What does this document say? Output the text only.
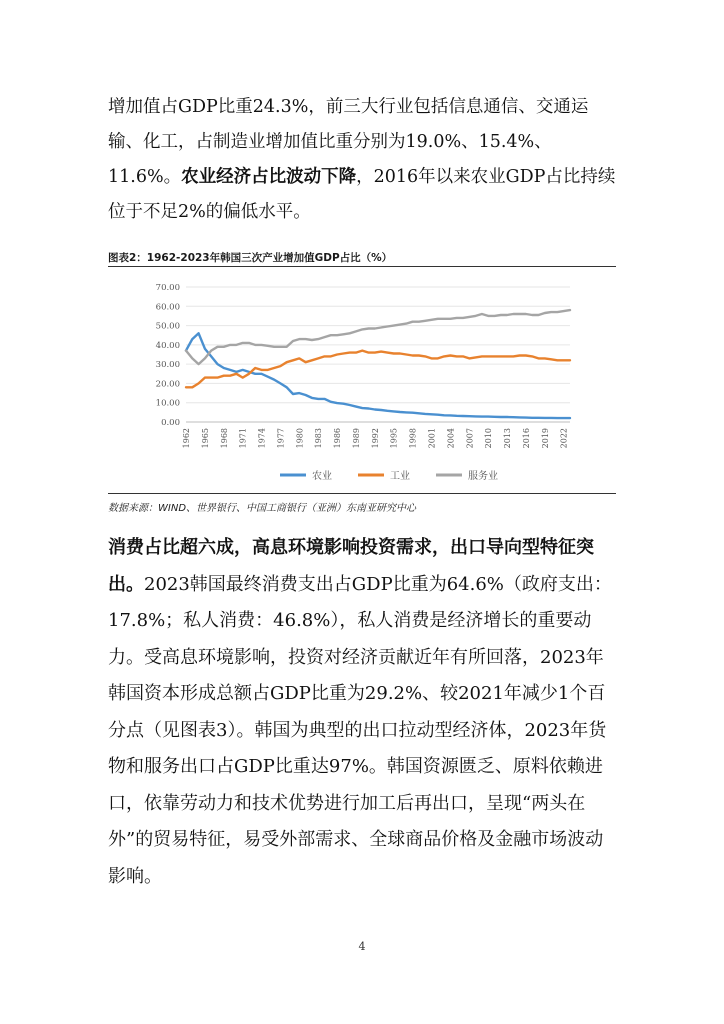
增加值占GDP比重24.3%，前三大行业包括信息通信、交通运输、化工，占制造业增加值比重分别为19.0%、15.4%、11.6%。农业经济占比波动下降，2016年以来农业GDP占比持续位于不足2%的偏低水平。

图表2：1962-2023年韩国三次产业增加值GDP占比（%）
70.00
60.00
50.00
40.00
30.00
20.00
10.00
0.00
1962 1965 1968 1971 1974 1977 1980 1983 1986 1989 1992 1995 1998 2001 2004 2007 2010 2013 2016 2019 2022
农业	工业	服务业
数据来源：WIND、世界银行、中国工商银行（亚洲）东南亚研究中心

消费占比超六成，高息环境影响投资需求，出口导向型特征突出。2023韩国最终消费支出占GDP比重为64.6%（政府支出：17.8%；私人消费：46.8%），私人消费是经济增长的重要动力。受高息环境影响，投资对经济贡献近年有所回落，2023年韩国资本形成总额占GDP比重为29.2%、较2021年减少1个百分点（见图表3）。韩国为典型的出口拉动型经济体，2023年货物和服务出口占GDP比重达97%。韩国资源匮乏、原料依赖进口，依靠劳动力和技术优势进行加工后再出口，呈现“两头在外”的贸易特征，易受外部需求、全球商品价格及金融市场波动影响。

4
